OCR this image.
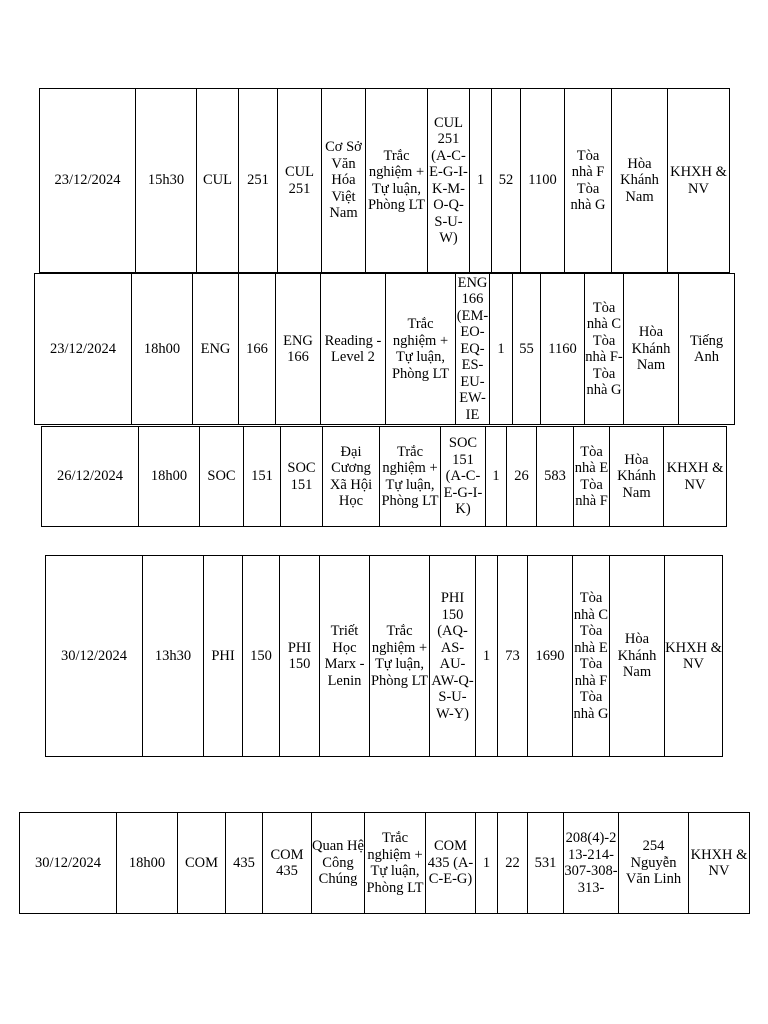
23/12/2024	15h30	CUL	251	CUL 251	Cơ Sở Văn Hóa Việt Nam	Trắc nghiệm + Tự luận, Phòng LT	CUL 251 (A-C-E-G-I-K-M-O-Q-S-U-W)	1	52	1100	Tòa nhà F Tòa nhà G	Hòa Khánh Nam	KHXH & NV
23/12/2024	18h00	ENG	166	ENG 166	Reading - Level 2	Trắc nghiệm + Tự luận, Phòng LT	ENG 166 (EM-EO-EQ-ES-EU-EW-IE	1	55	1160	Tòa nhà C Tòa nhà F-Tòa nhà G	Hòa Khánh Nam	Tiếng Anh
26/12/2024	18h00	SOC	151	SOC 151	Đại Cương Xã Hội Học	Trắc nghiệm + Tự luận, Phòng LT	SOC 151 (A-C-E-G-I-K)	1	26	583	Tòa nhà E Tòa nhà F	Hòa Khánh Nam	KHXH & NV
30/12/2024	13h30	PHI	150	PHI 150	Triết Học Marx - Lenin	Trắc nghiệm + Tự luận, Phòng LT	PHI 150 (AQ-AS-AU-AW-Q-S-U-W-Y)	1	73	1690	Tòa nhà C Tòa nhà E Tòa nhà F Tòa nhà G	Hòa Khánh Nam	KHXH & NV
30/12/2024	18h00	COM	435	COM 435	Quan Hệ Công Chúng	Trắc nghiệm + Tự luận, Phòng LT	COM 435 (A-C-E-G)	1	22	531	208(4)-213-214-307-308-313-	254 Nguyễn Văn Linh	KHXH & NV
